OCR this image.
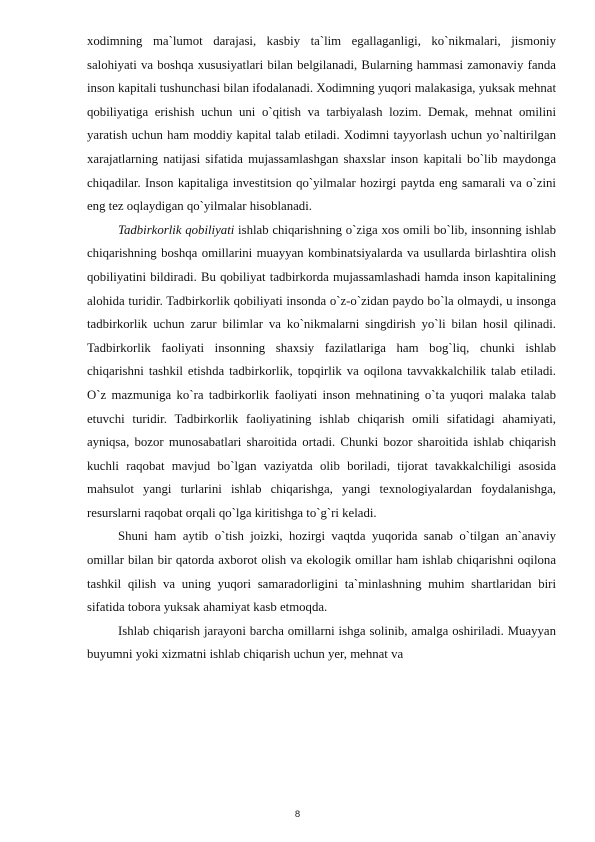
xodimning ma`lumot darajasi, kasbiy ta`lim egallaganligi, ko`nikmalari, jismoniy salohiyati va boshqa xususiyatlari bilan belgilanadi, Bularning hammasi zamonaviy fanda inson kapitali tushunchasi bilan ifodalanadi. Xodimning yuqori malakasiga, yuksak mehnat qobiliyatiga erishish uchun uni o`qitish va tarbiyalash lozim. Demak, mehnat omilini yaratish uchun ham moddiy kapital talab etiladi. Xodimni tayyorlash uchun yo`naltirilgan xarajatlarning natijasi sifatida mujassamlashgan shaxslar inson kapitali bo`lib maydonga chiqadilar. Inson kapitaliga investitsion qo`yilmalar hozirgi paytda eng samarali va o`zini eng tez oqlaydigan qo`yilmalar hisoblanadi.

Tadbirkorlik qobiliyati ishlab chiqarishning o`ziga xos omili bo`lib, insonning ishlab chiqarishning boshqa omillarini muayyan kombinatsiyalarda va usullarda birlashtira olish qobiliyatini bildiradi. Bu qobiliyat tadbirkorda mujassamlashadi hamda inson kapitalining alohida turidir. Tadbirkorlik qobiliyati insonda o`z-o`zidan paydo bo`la olmaydi, u insonga tadbirkorlik uchun zarur bilimlar va ko`nikmalarni singdirish yo`li bilan hosil qilinadi. Tadbirkorlik faoliyati insonning shaxsiy fazilatlariga ham bog`liq, chunki ishlab chiqarishni tashkil etishda tadbirkorlik, topqirlik va oqilona tavvakkalchilik talab etiladi. O`z mazmuniga ko`ra tadbirkorlik faoliyati inson mehnatining o`ta yuqori malaka talab etuvchi turidir. Tadbirkorlik faoliyatining ishlab chiqarish omili sifatidagi ahamiyati, ayniqsa, bozor munosabatlari sharoitida ortadi. Chunki bozor sharoitida ishlab chiqarish kuchli raqobat mavjud bo`lgan vaziyatda olib boriladi, tijorat tavakkalchiligi asosida mahsulot yangi turlarini ishlab chiqarishga, yangi texnologiyalardan foydalanishga, resurslarni raqobat orqali qo`lga kiritishga to`g`ri keladi.

Shuni ham aytib o`tish joizki, hozirgi vaqtda yuqorida sanab o`tilgan an`anaviy omillar bilan bir qatorda axborot olish va ekologik omillar ham ishlab chiqarishni oqilona tashkil qilish va uning yuqori samaradorligini ta`minlashning muhim shartlaridan biri sifatida tobora yuksak ahamiyat kasb etmoqda.

Ishlab chiqarish jarayoni barcha omillarni ishga solinib, amalga oshiriladi. Muayyan buyumni yoki xizmatni ishlab chiqarish uchun yer, mehnat va

8
